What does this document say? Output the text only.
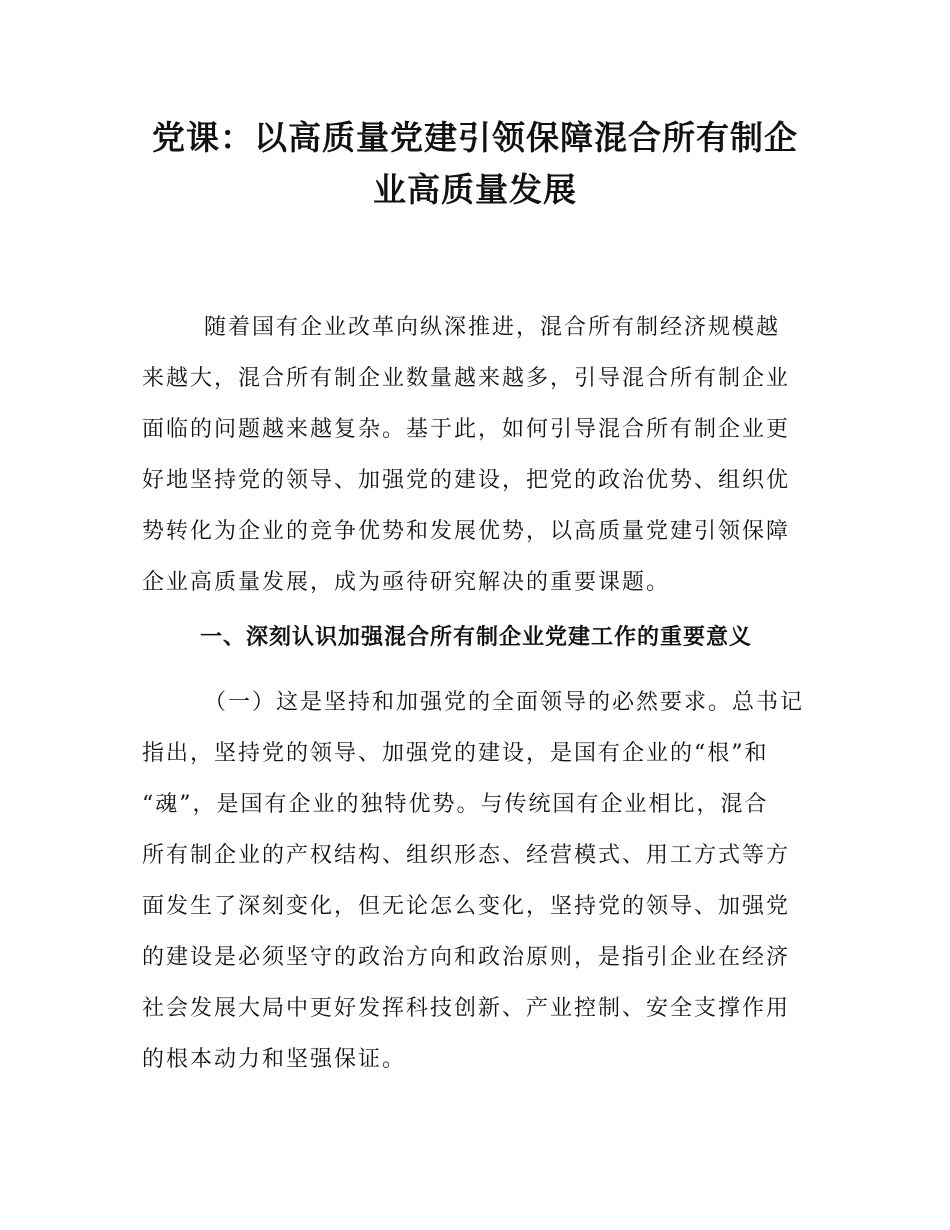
党课：以高质量党建引领保障混合所有制企
业高质量发展
随着国有企业改革向纵深推进，混合所有制经济规模越
来越大，混合所有制企业数量越来越多，引导混合所有制企业
面临的问题越来越复杂。基于此，如何引导混合所有制企业更
好地坚持党的领导、加强党的建设，把党的政治优势、组织优
势转化为企业的竞争优势和发展优势，以高质量党建引领保障
企业高质量发展，成为亟待研究解决的重要课题。
一、深刻认识加强混合所有制企业党建工作的重要意义
（一）这是坚持和加强党的全面领导的必然要求。总书记
指出，坚持党的领导、加强党的建设，是国有企业的“根”和
“魂”，是国有企业的独特优势。与传统国有企业相比，混合
所有制企业的产权结构、组织形态、经营模式、用工方式等方
面发生了深刻变化，但无论怎么变化，坚持党的领导、加强党
的建设是必须坚守的政治方向和政治原则，是指引企业在经济
社会发展大局中更好发挥科技创新、产业控制、安全支撑作用
的根本动力和坚强保证。
